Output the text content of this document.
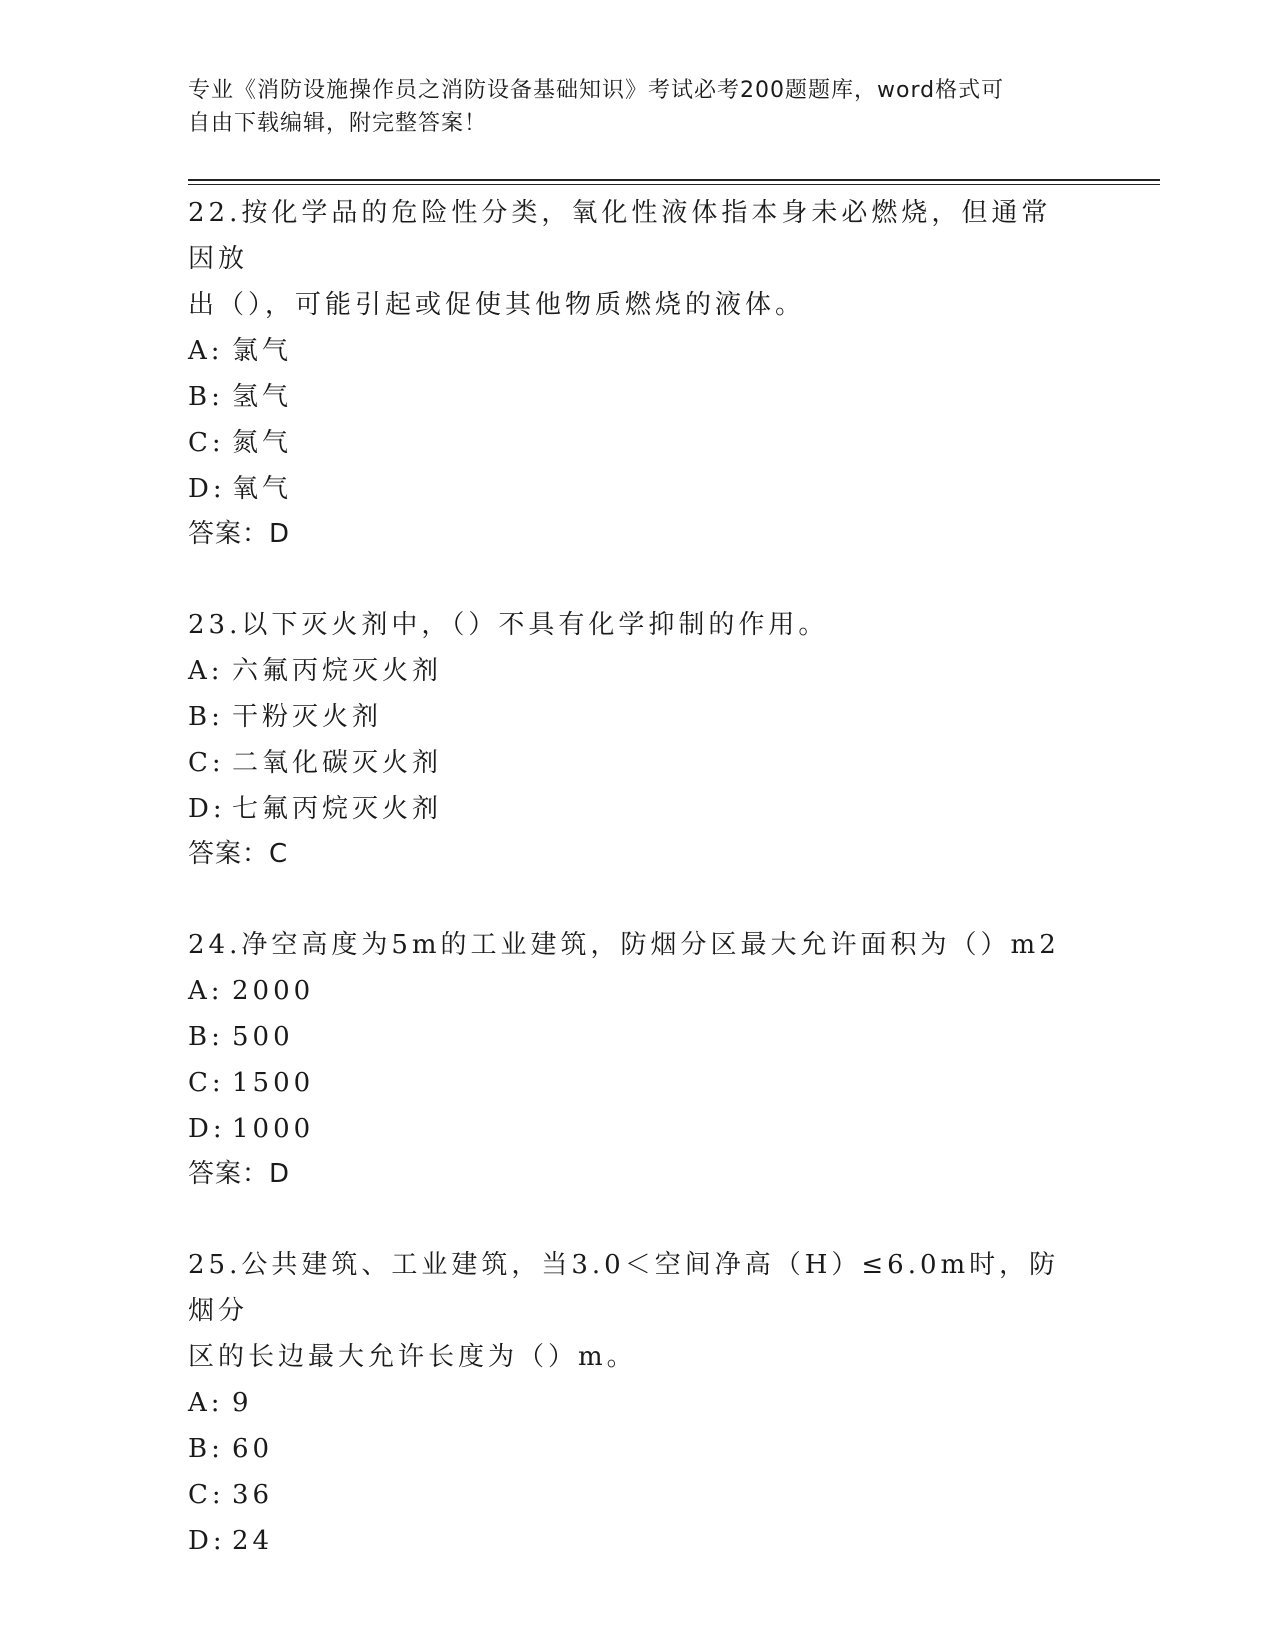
专业《消防设施操作员之消防设备基础知识》考试必考200题题库，word格式可
自由下载编辑，附完整答案！
22.按化学品的危险性分类，氧化性液体指本身未必燃烧，但通常因放
出（），可能引起或促使其他物质燃烧的液体。
A: 氯气
B: 氢气
C: 氮气
D: 氧气
答案：D
23.以下灭火剂中，（）不具有化学抑制的作用。
A: 六氟丙烷灭火剂
B: 干粉灭火剂
C: 二氧化碳灭火剂
D: 七氟丙烷灭火剂
答案：C
24.净空高度为5m的工业建筑，防烟分区最大允许面积为（）m2
A: 2000
B: 500
C: 1500
D: 1000
答案：D
25.公共建筑、工业建筑，当3.0＜空间净高（H）≤6.0m时，防烟分
区的长边最大允许长度为（）m。
A: 9
B: 60
C: 36
D: 24
